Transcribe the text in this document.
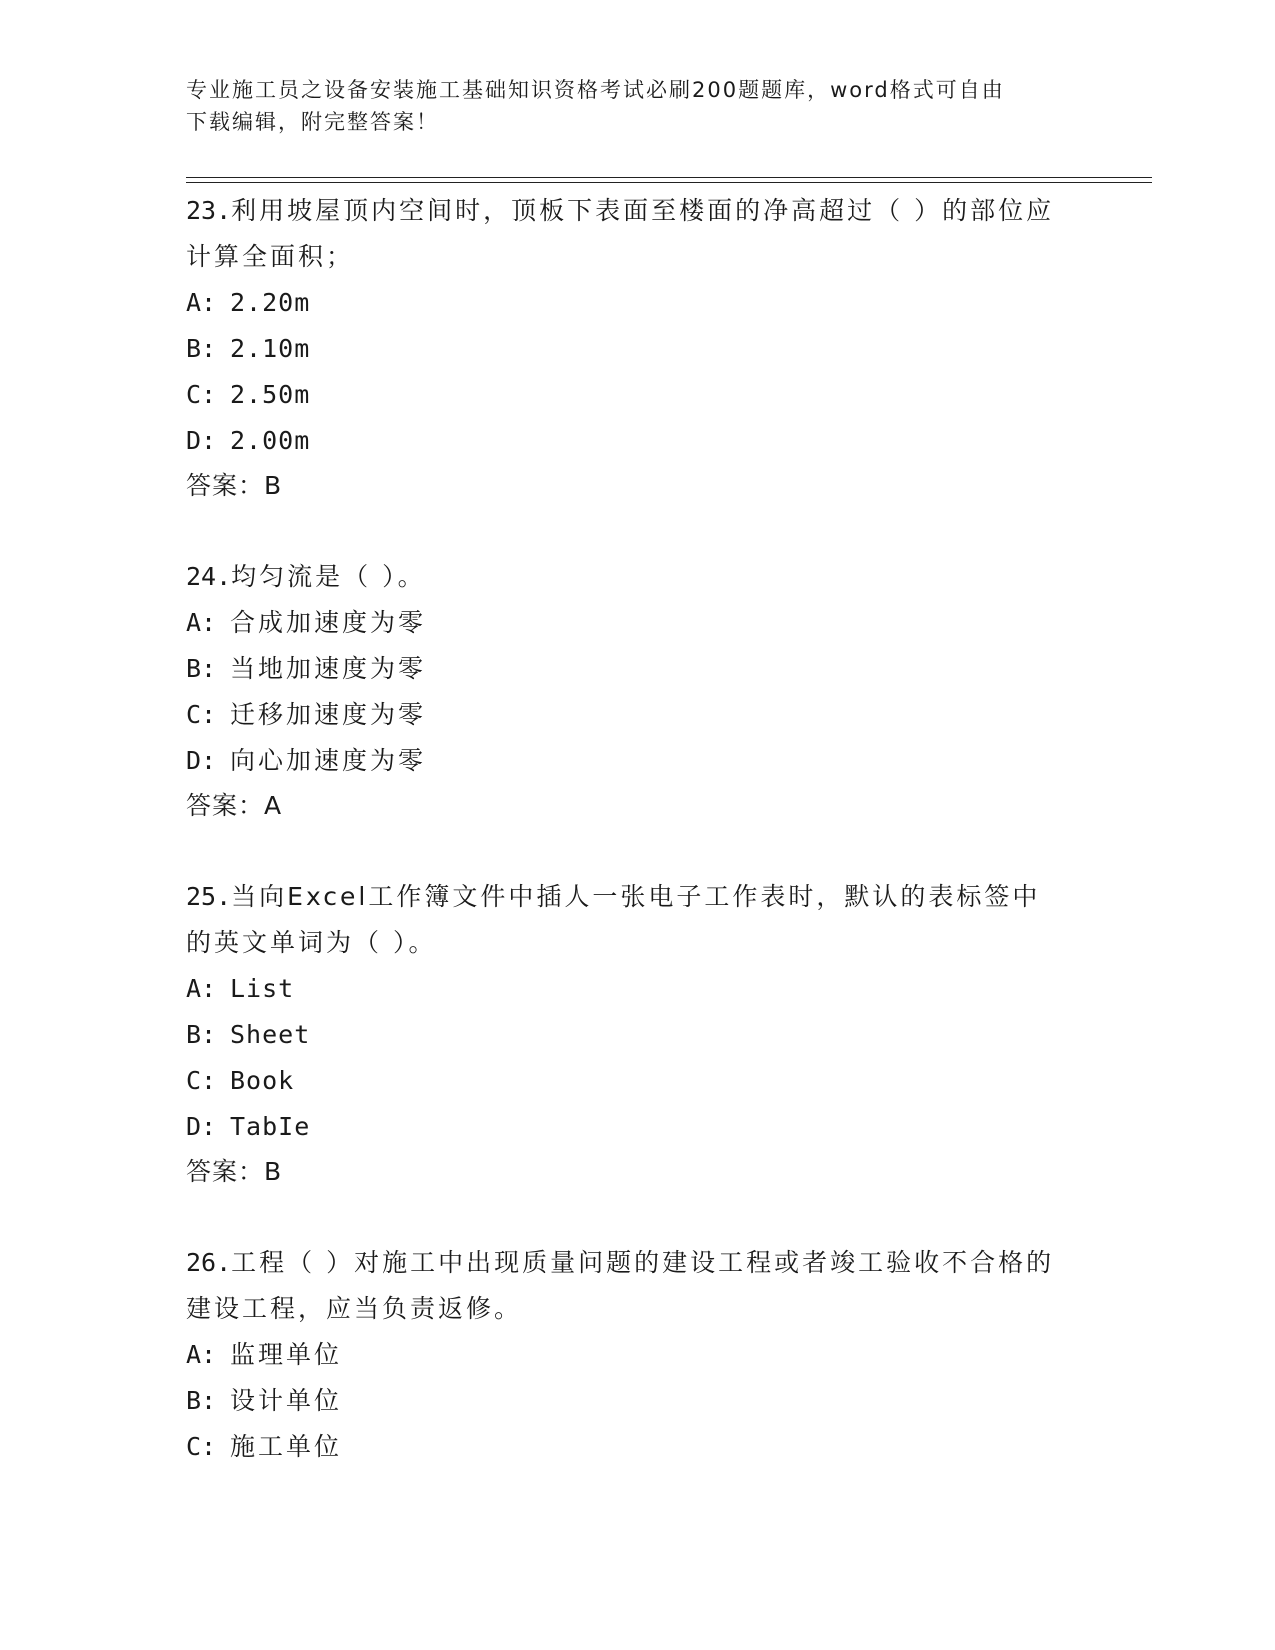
专业施工员之设备安装施工基础知识资格考试必刷200题题库，word格式可自由
下载编辑，附完整答案！
23.利用坡屋顶内空间时，顶板下表面至楼面的净高超过（ ）的部位应计算全面积；
A: 2.20m
B: 2.10m
C: 2.50m
D: 2.00m
答案：B
24.均匀流是（ ）。
A: 合成加速度为零
B: 当地加速度为零
C: 迁移加速度为零
D: 向心加速度为零
答案：A
25.当向Excel工作簿文件中插人一张电子工作表时，默认的表标签中的英文单词为（ ）。
A: List
B: Sheet
C: Book
D: TabIe
答案：B
26.工程（ ）对施工中出现质量问题的建设工程或者竣工验收不合格的建设工程，应当负责返修。
A: 监理单位
B: 设计单位
C: 施工单位
